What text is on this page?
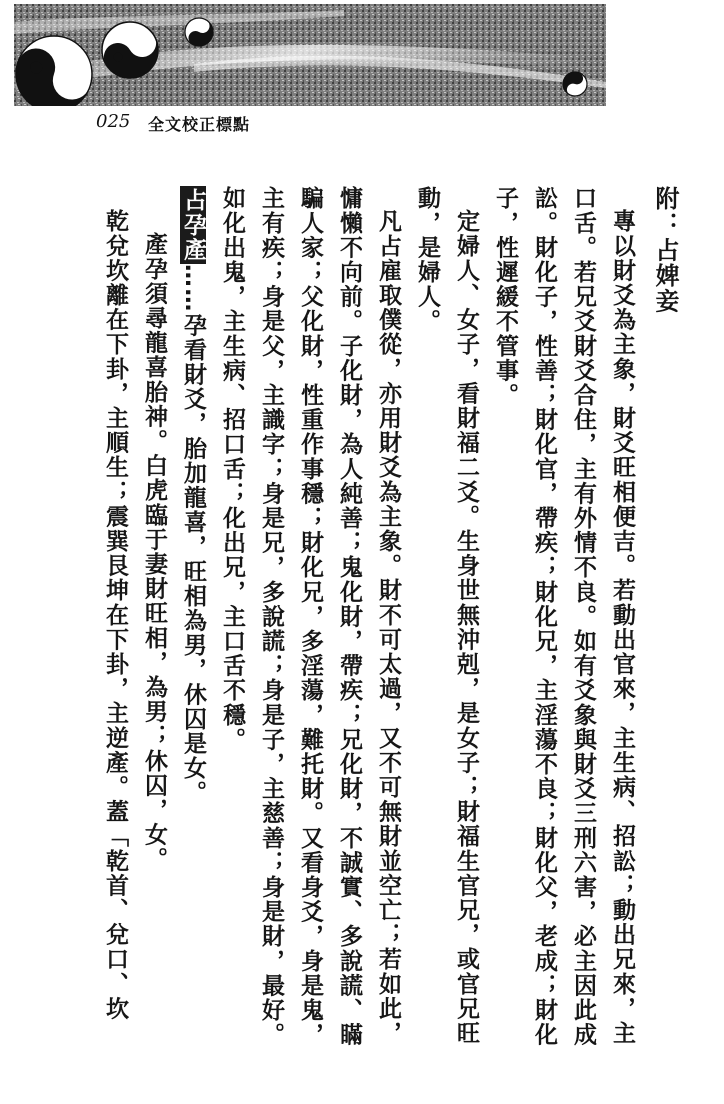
025 全文校正標點

附：占婢妾

專以財爻為主象，財爻旺相便吉。若動出官來，主生病、招訟；動出兄來，主口舌。若兄爻財爻合住，主有外情不良。如有爻象與財爻三刑六害，必主因此成訟。財化子，性善；財化官，帶疾；財化兄，主淫蕩不良；財化父，老成；財化子，性遲緩不管事。

定婦人、女子，看財福二爻。生身世無沖剋，是女子；財福生官兄，或官兄旺動，是婦人。

凡占雇取僕從，亦用財爻為主象。財不可太過，又不可無財並空亡；若如此，慵懶不向前。子化財，為人純善；鬼化財，帶疾；兄化財，不誠實、多說謊、瞞騙人家；父化財，性重作事穩；財化兄，多淫蕩，難托財。又看身爻，身是鬼，主有疾；身是父，主識字；身是兄，多說謊；身是子，主慈善；身是財，最好。如化出鬼，主生病、招口舌；化出兄，主口舌不穩。

占孕產……孕看財爻，胎加龍喜，旺相為男，休囚是女。

產孕須尋龍喜胎神。白虎臨于妻財旺相，為男；休囚，女。

乾兌坎離在下卦，主順生；震巽艮坤在下卦，主逆產。蓋「乾首、兌口、坎
